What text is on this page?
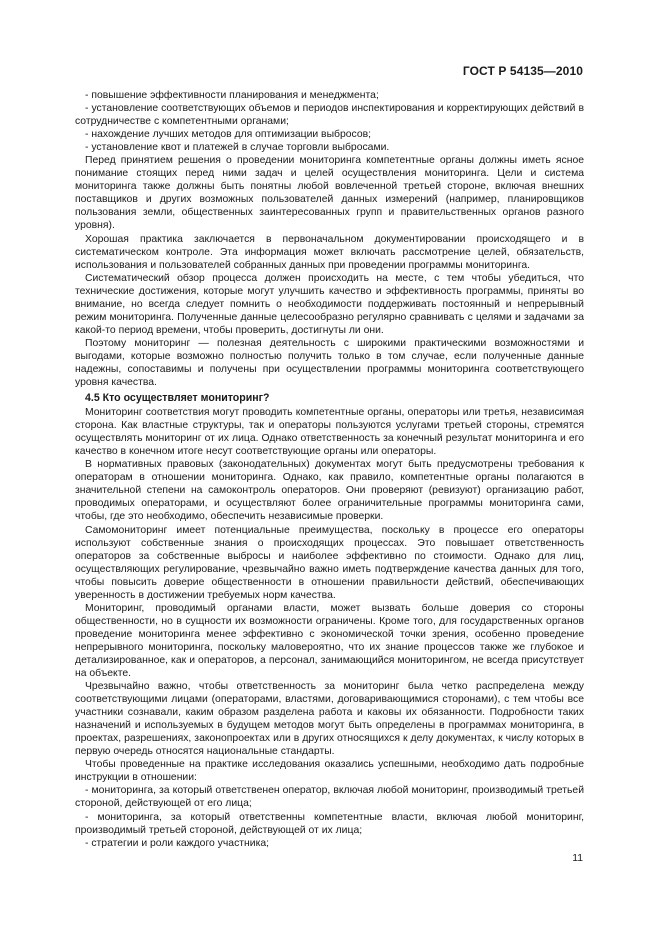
ГОСТ Р 54135—2010

- повышение эффективности планирования и менеджмента;

- установление соответствующих объемов и периодов инспектирования и корректирующих действий в сотрудничестве с компетентными органами;

- нахождение лучших методов для оптимизации выбросов;

- установление квот и платежей в случае торговли выбросами.

Перед принятием решения о проведении мониторинга компетентные органы должны иметь ясное понимание стоящих перед ними задач и целей осуществления мониторинга. Цели и система мониторинга также должны быть понятны любой вовлеченной третьей стороне, включая внешних поставщиков и других возможных пользователей данных измерений (например, планировщиков пользования земли, общественных заинтересованных групп и правительственных органов разного уровня).

Хорошая практика заключается в первоначальном документировании происходящего и в систематическом контроле. Эта информация может включать рассмотрение целей, обязательств, использования и пользователей собранных данных при проведении программы мониторинга.

Систематический обзор процесса должен происходить на месте, с тем чтобы убедиться, что технические достижения, которые могут улучшить качество и эффективность программы, приняты во внимание, но всегда следует помнить о необходимости поддерживать постоянный и непрерывный режим мониторинга. Полученные данные целесообразно регулярно сравнивать с целями и задачами за какой-то период времени, чтобы проверить, достигнуты ли они.

Поэтому мониторинг — полезная деятельность с широкими практическими возможностями и выгодами, которые возможно полностью получить только в том случае, если полученные данные надежны, сопоставимы и получены при осуществлении программы мониторинга соответствующего уровня качества.

4.5 Кто осуществляет мониторинг?

Мониторинг соответствия могут проводить компетентные органы, операторы или третья, независимая сторона. Как властные структуры, так и операторы пользуются услугами третьей стороны, стремятся осуществлять мониторинг от их лица. Однако ответственность за конечный результат мониторинга и его качество в конечном итоге несут соответствующие органы или операторы.

В нормативных правовых (законодательных) документах могут быть предусмотрены требования к операторам в отношении мониторинга. Однако, как правило, компетентные органы полагаются в значительной степени на самоконтроль операторов. Они проверяют (ревизуют) организацию работ, проводимых операторами, и осуществляют более ограничительные программы мониторинга сами, чтобы, где это необходимо, обеспечить независимые проверки.

Самомониторинг имеет потенциальные преимущества, поскольку в процессе его операторы используют собственные знания о происходящих процессах. Это повышает ответственность операторов за собственные выбросы и наиболее эффективно по стоимости. Однако для лиц, осуществляющих регулирование, чрезвычайно важно иметь подтверждение качества данных для того, чтобы повысить доверие общественности в отношении правильности действий, обеспечивающих уверенность в достижении требуемых норм качества.

Мониторинг, проводимый органами власти, может вызвать больше доверия со стороны общественности, но в сущности их возможности ограничены. Кроме того, для государственных органов проведение мониторинга менее эффективно с экономической точки зрения, особенно проведение непрерывного мониторинга, поскольку маловероятно, что их знание процессов также же глубокое и детализированное, как и операторов, а персонал, занимающийся мониторингом, не всегда присутствует на объекте.

Чрезвычайно важно, чтобы ответственность за мониторинг была четко распределена между соответствующими лицами (операторами, властями, договаривающимися сторонами), с тем чтобы все участники сознавали, каким образом разделена работа и каковы их обязанности. Подробности таких назначений и используемых в будущем методов могут быть определены в программах мониторинга, в проектах, разрешениях, законопроектах или в других относящихся к делу документах, к числу которых в первую очередь относятся национальные стандарты.

Чтобы проведенные на практике исследования оказались успешными, необходимо дать подробные инструкции в отношении:

- мониторинга, за который ответственен оператор, включая любой мониторинг, производимый третьей стороной, действующей от его лица;

- мониторинга, за который ответственны компетентные власти, включая любой мониторинг, производимый третьей стороной, действующей от их лица;

- стратегии и роли каждого участника;

11
